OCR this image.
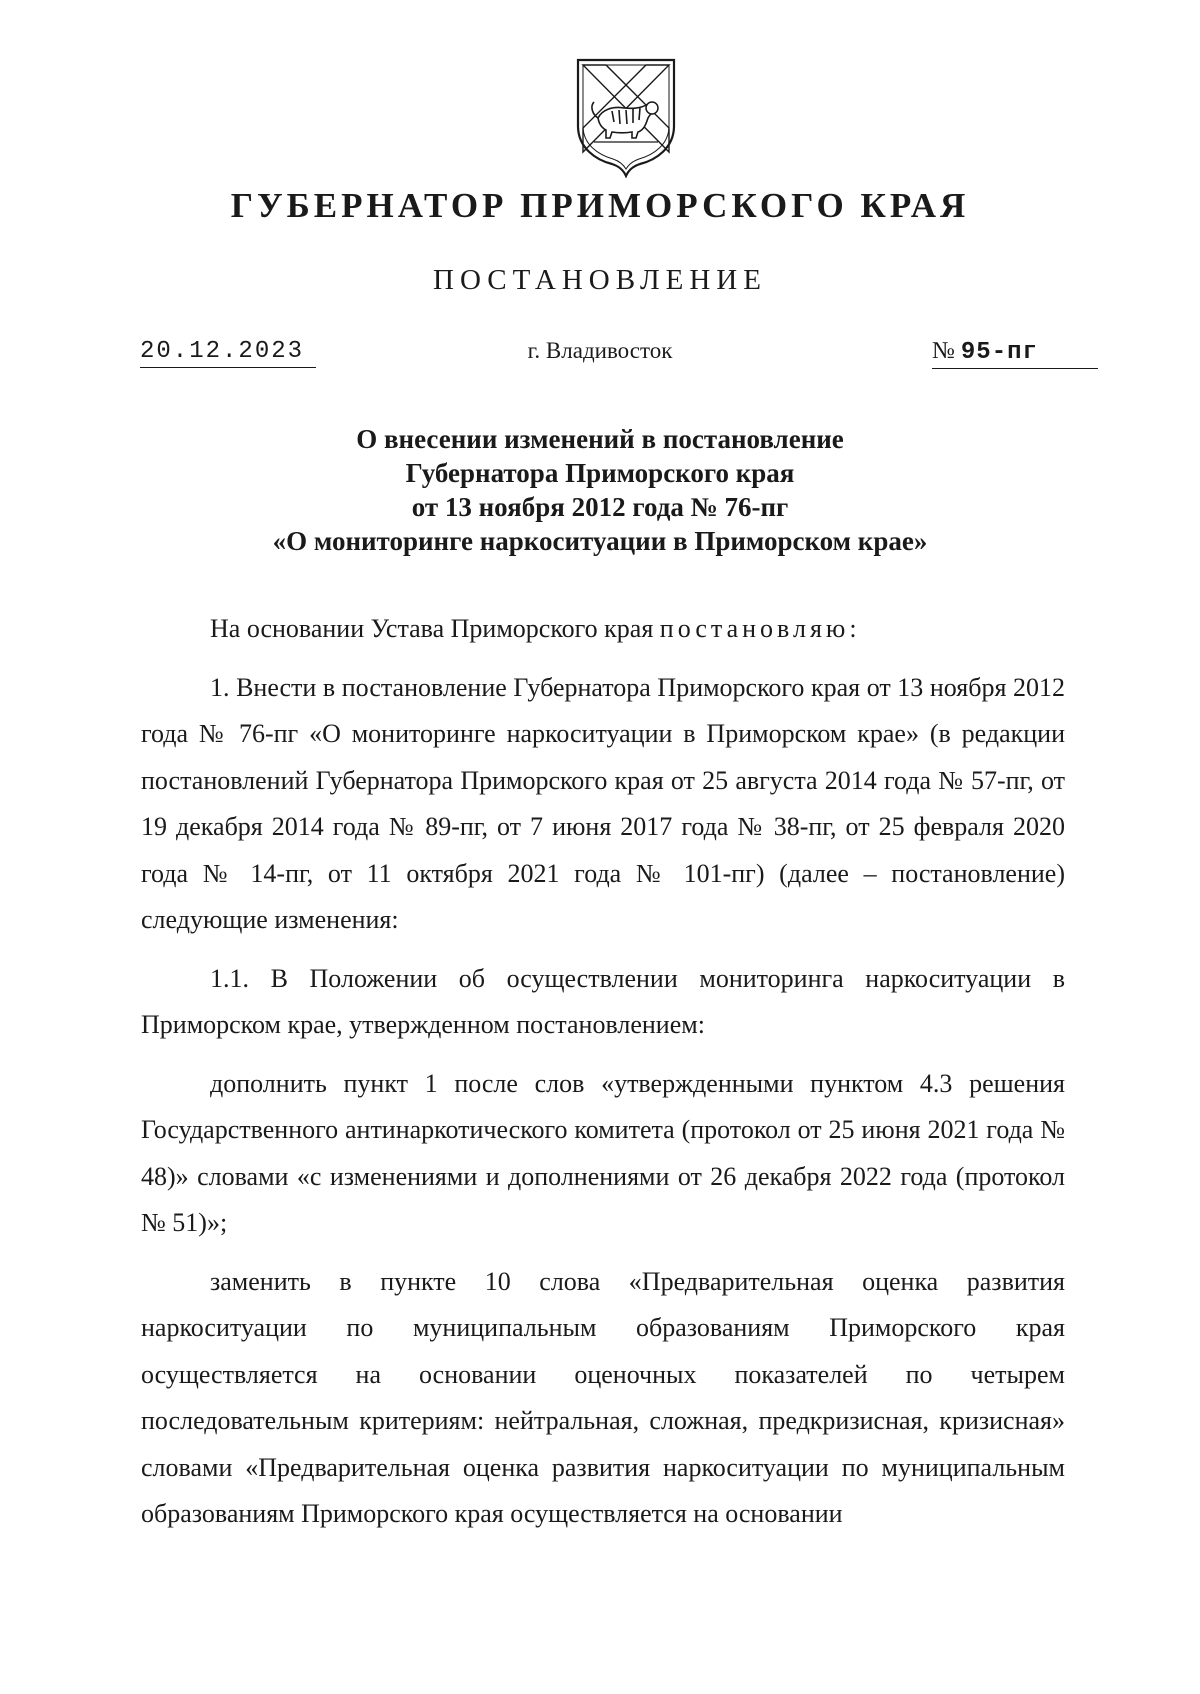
ГУБЕРНАТОР ПРИМОРСКОГО КРАЯ
ПОСТАНОВЛЕНИЕ
20.12.2023	г. Владивосток	№ 95-пг
О внесении изменений в постановление
Губернатора Приморского края
от 13 ноября 2012 года № 76-пг
«О мониторинге наркоситуации в Приморском крае»

На основании Устава Приморского края постановляю:

1. Внести в постановление Губернатора Приморского края от 13 ноября 2012 года № 76-пг «О мониторинге наркоситуации в Приморском крае» (в редакции постановлений Губернатора Приморского края от 25 августа 2014 года № 57-пг, от 19 декабря 2014 года № 89-пг, от 7 июня 2017 года № 38-пг, от 25 февраля 2020 года № 14-пг, от 11 октября 2021 года № 101-пг) (далее – постановление) следующие изменения:

1.1. В Положении об осуществлении мониторинга наркоситуации в Приморском крае, утвержденном постановлением:

дополнить пункт 1 после слов «утвержденными пунктом 4.3 решения Государственного антинаркотического комитета (протокол от 25 июня 2021 года № 48)» словами «с изменениями и дополнениями от 26 декабря 2022 года (протокол № 51)»;

заменить в пункте 10 слова «Предварительная оценка развития наркоситуации по муниципальным образованиям Приморского края осуществляется на основании оценочных показателей по четырем последовательным критериям: нейтральная, сложная, предкризисная, кризисная» словами «Предварительная оценка развития наркоситуации по муниципальным образованиям Приморского края осуществляется на основании
